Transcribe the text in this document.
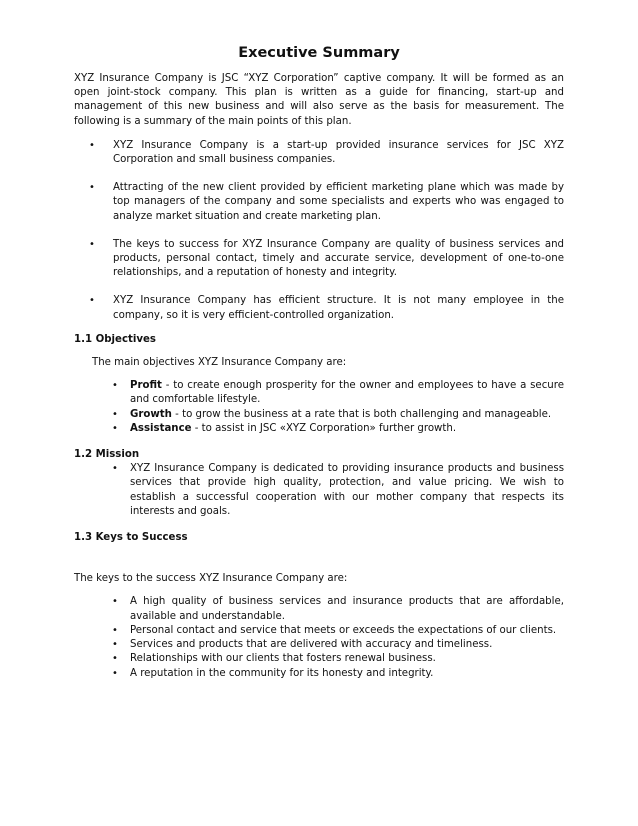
Executive Summary

XYZ Insurance Company is JSC “XYZ Corporation” captive company. It will be formed as an open joint-stock company. This plan is written as a guide for financing, start-up and management of this new business and will also serve as the basis for measurement. The following is a summary of the main points of this plan.

• XYZ Insurance Company is a start-up provided insurance services for JSC XYZ Corporation and small business companies.
• Attracting of the new client provided by efficient marketing plane which was made by top managers of the company and some specialists and experts who was engaged to analyze market situation and create marketing plan.
• The keys to success for XYZ Insurance Company are quality of business services and products, personal contact, timely and accurate service, development of one-to-one relationships, and a reputation of honesty and integrity.
• XYZ Insurance Company has efficient structure. It is not many employee in the company, so it is very efficient-controlled organization.
1.1 Objectives

The main objectives XYZ Insurance Company are:

• Profit - to create enough prosperity for the owner and employees to have a secure and comfortable lifestyle.
• Growth - to grow the business at a rate that is both challenging and manageable.
• Assistance - to assist in JSC «XYZ Corporation» further growth.
1.2 Mission
• XYZ Insurance Company is dedicated to providing insurance products and business services that provide high quality, protection, and value pricing. We wish to establish a successful cooperation with our mother company that respects its interests and goals.
1.3 Keys to Success

The keys to the success XYZ Insurance Company are:

• A high quality of business services and insurance products that are affordable, available and understandable.
• Personal contact and service that meets or exceeds the expectations of our clients.
• Services and products that are delivered with accuracy and timeliness.
• Relationships with our clients that fosters renewal business.
• A reputation in the community for its honesty and integrity.
